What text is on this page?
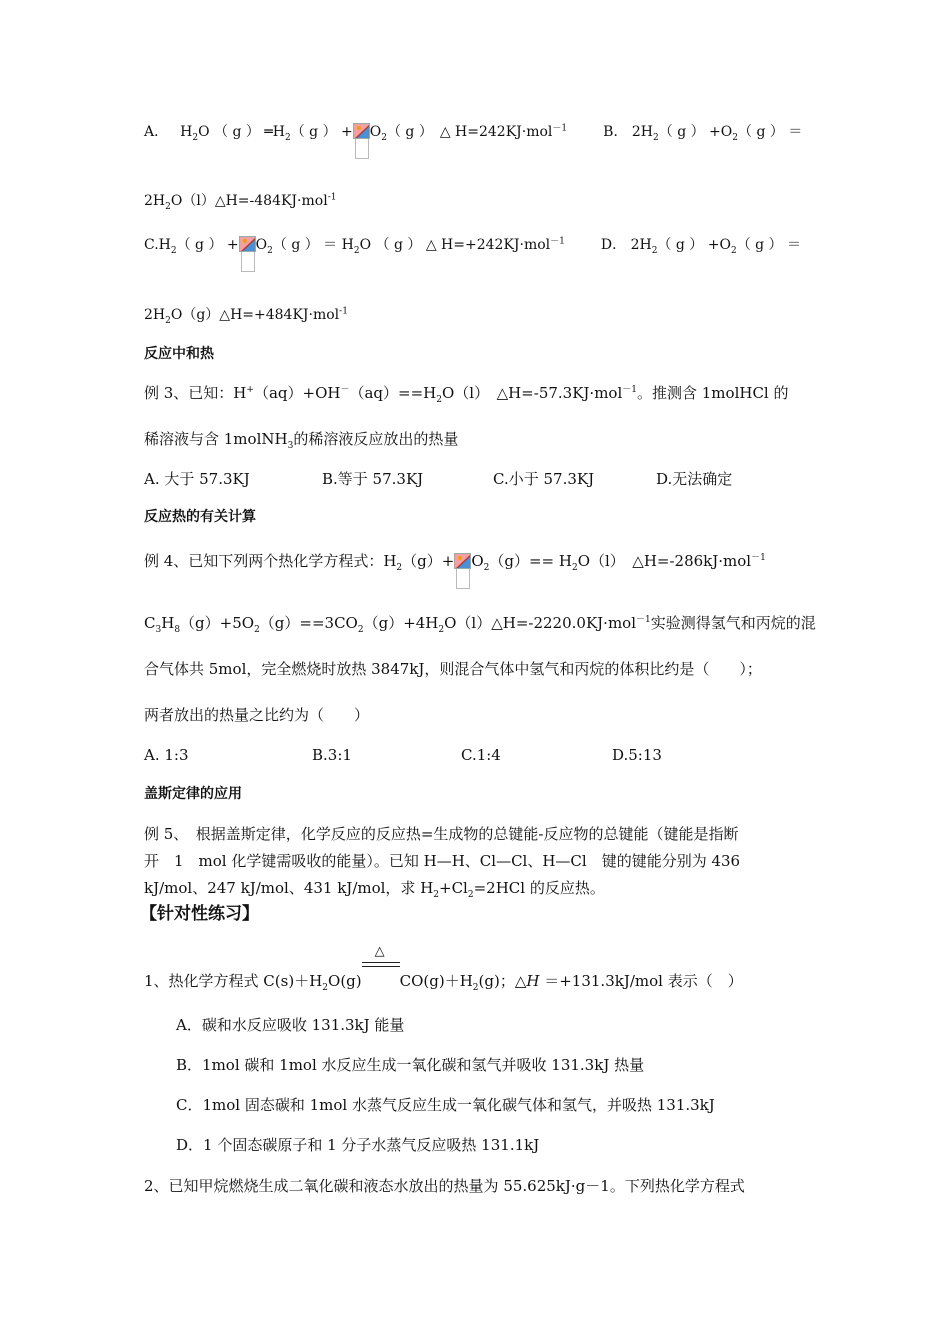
A． $H_2O$ （ g ） $═H_2$（ g ） + $O_2$（ g ）　△ H=242KJ·mol$^{-1}$	B． $2H_2$（ g ） $+O_2$（ g ） ＝
$2H_2O(l)\triangle H=-484KJ\cdot mol^{-1}$
$C.H_2$（ g ） + $O_2$（ g ） ＝ $H_2O$ （ g ） △ H=+242KJ·mol$^{-1}$	D． $2H_2$（ g ） $+O_2$（ g ） ＝
$2H_2O(g)\triangle H=+484KJ\cdot mol^{-1}$
反应中和热
例 3、已知：$H^+(aq)+OH^-(aq)==H_2O(l)$　△H=-57.3KJ·mol$^{-1}$。推测含 1molHCl 的
稀溶液与含 1molNH$_3$的稀溶液反应放出的热量
A. 大于 57.3KJ	B.等于 57.3KJ	C.小于 57.3KJ	D.无法确定
反应热的有关计算
例 4、已知下列两个热化学方程式：$H_2(g)+ O_2(g)== H_2O(l)$　△H=-286kJ·mol$^{-1}$
$C_3H_8(g)+5O_2(g)==3CO_2(g)+4H_2O(l)\triangle H=-2220.0KJ\cdot mol^{-1}$实验测得氢气和丙烷的混
合气体共 5mol，完全燃烧时放热 3847kJ，则混合气体中氢气和丙烷的体积比约是（　　）；
两者放出的热量之比约为（　　）
A. 1:3	B.3:1	C.1:4	D.5:13
盖斯定律的应用
例 5、　根据盖斯定律，化学反应的反应热=生成物的总键能-反应物的总键能（键能是指断
开　1　mol 化学键需吸收的能量）。已知 H—H、Cl—Cl、H—Cl　键的键能分别为 436
kJ/mol、247 kJ/mol、431 kJ/mol，求 $H_2+Cl_2=2HCl$ 的反应热。
【针对性练习】
1、热化学方程式 $C(s)+H_2O(g)$
△
$CO(g)+H_2(g)$；△H ＝+131.3kJ/mol 表示（　）
A．碳和水反应吸收 131.3kJ 能量
B．1mol 碳和 1mol 水反应生成一氧化碳和氢气并吸收 131.3kJ 热量
C．1mol 固态碳和 1mol 水蒸气反应生成一氧化碳气体和氢气，并吸热 131.3kJ
D．1 个固态碳原子和 1 分子水蒸气反应吸热 131.1kJ
2、已知甲烷燃烧生成二氧化碳和液态水放出的热量为 55.625kJ·g－1。下列热化学方程式
